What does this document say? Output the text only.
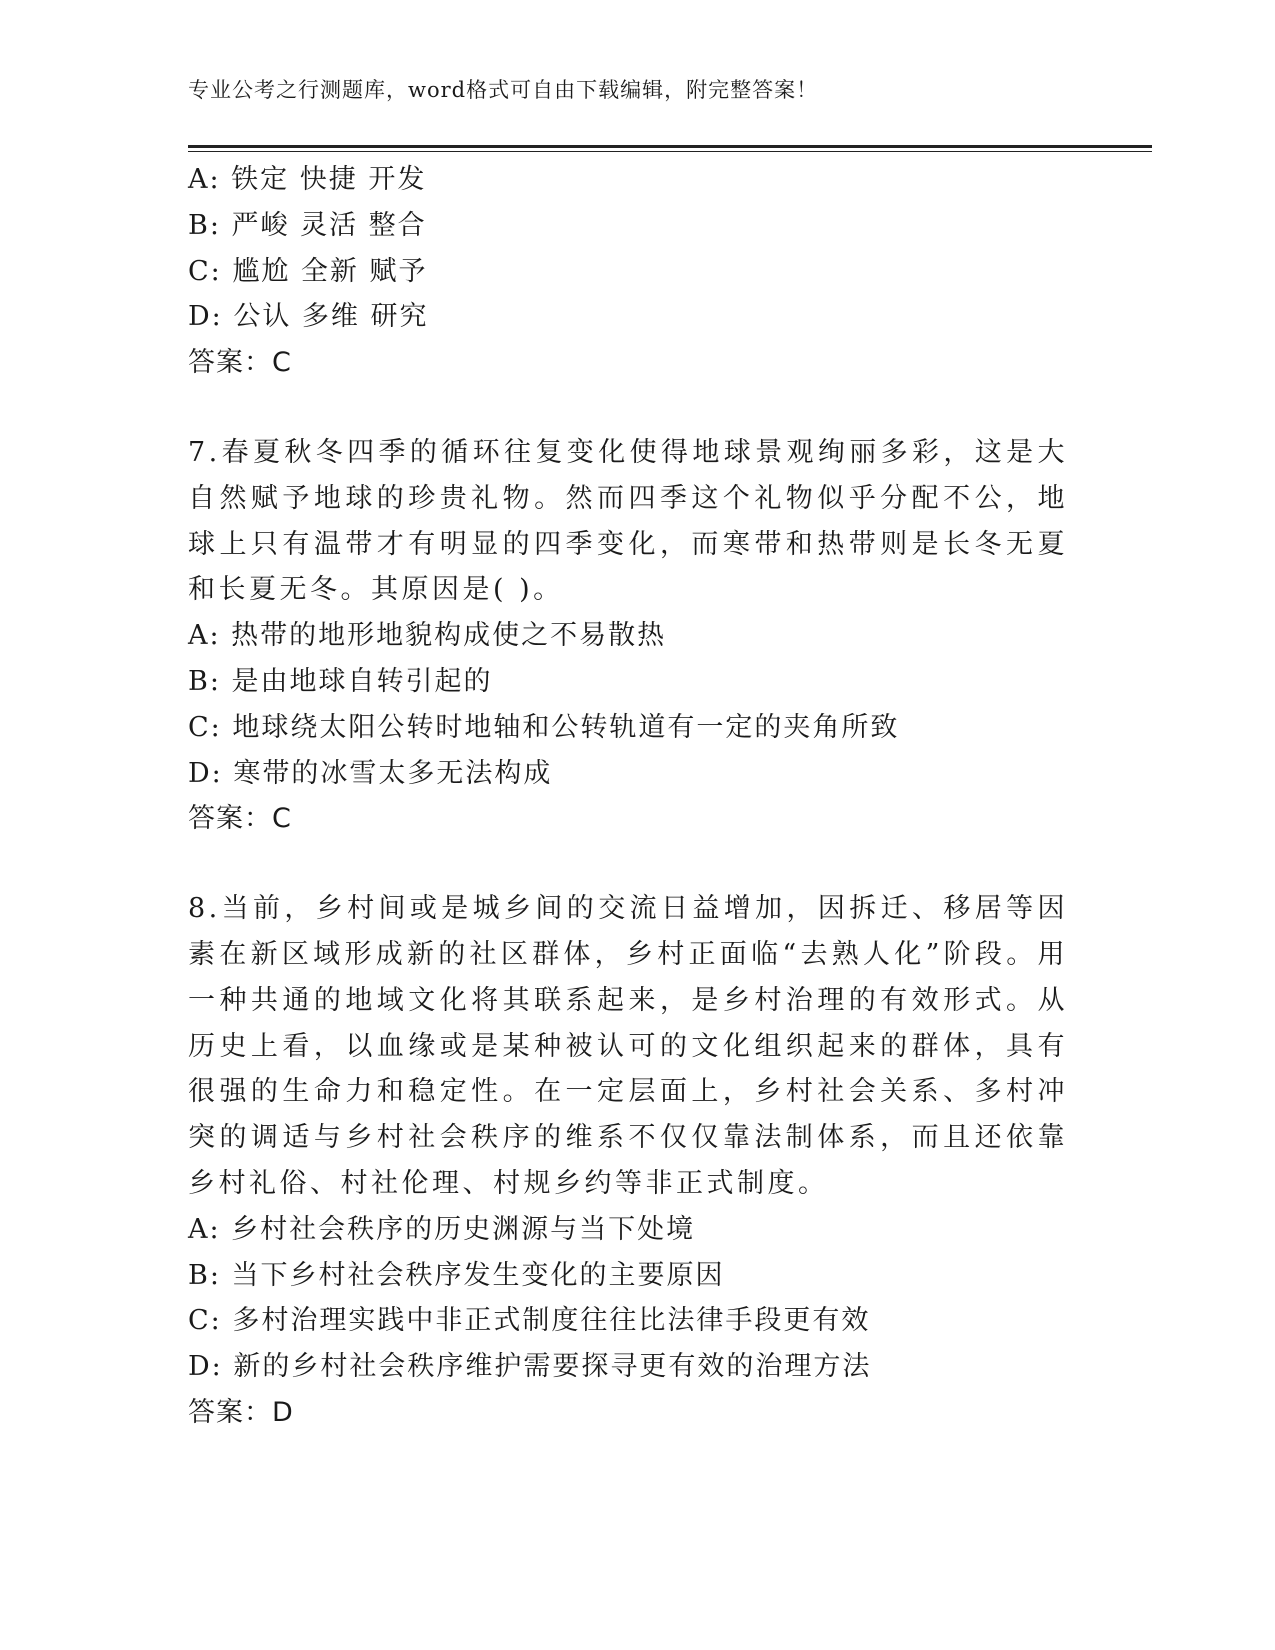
专业公考之行测题库，word格式可自由下载编辑，附完整答案！
A: 铁定 快捷 开发
B: 严峻 灵活 整合
C: 尴尬 全新 赋予
D: 公认 多维 研究
答案：C
7.春夏秋冬四季的循环往复变化使得地球景观绚丽多彩，这是大自然赋予地球的珍贵礼物。然而四季这个礼物似乎分配不公，地球上只有温带才有明显的四季变化，而寒带和热带则是长冬无夏和长夏无冬。其原因是( )。
A: 热带的地形地貌构成使之不易散热
B: 是由地球自转引起的
C: 地球绕太阳公转时地轴和公转轨道有一定的夹角所致
D: 寒带的冰雪太多无法构成
答案：C
8.当前，乡村间或是城乡间的交流日益增加，因拆迁、移居等因素在新区域形成新的社区群体，乡村正面临“去熟人化”阶段。用一种共通的地域文化将其联系起来，是乡村治理的有效形式。从历史上看，以血缘或是某种被认可的文化组织起来的群体，具有很强的生命力和稳定性。在一定层面上，乡村社会关系、多村冲突的调适与乡村社会秩序的维系不仅仅靠法制体系，而且还依靠乡村礼俗、村社伦理、村规乡约等非正式制度。
A: 乡村社会秩序的历史渊源与当下处境
B: 当下乡村社会秩序发生变化的主要原因
C: 多村治理实践中非正式制度往往比法律手段更有效
D: 新的乡村社会秩序维护需要探寻更有效的治理方法
答案：D
